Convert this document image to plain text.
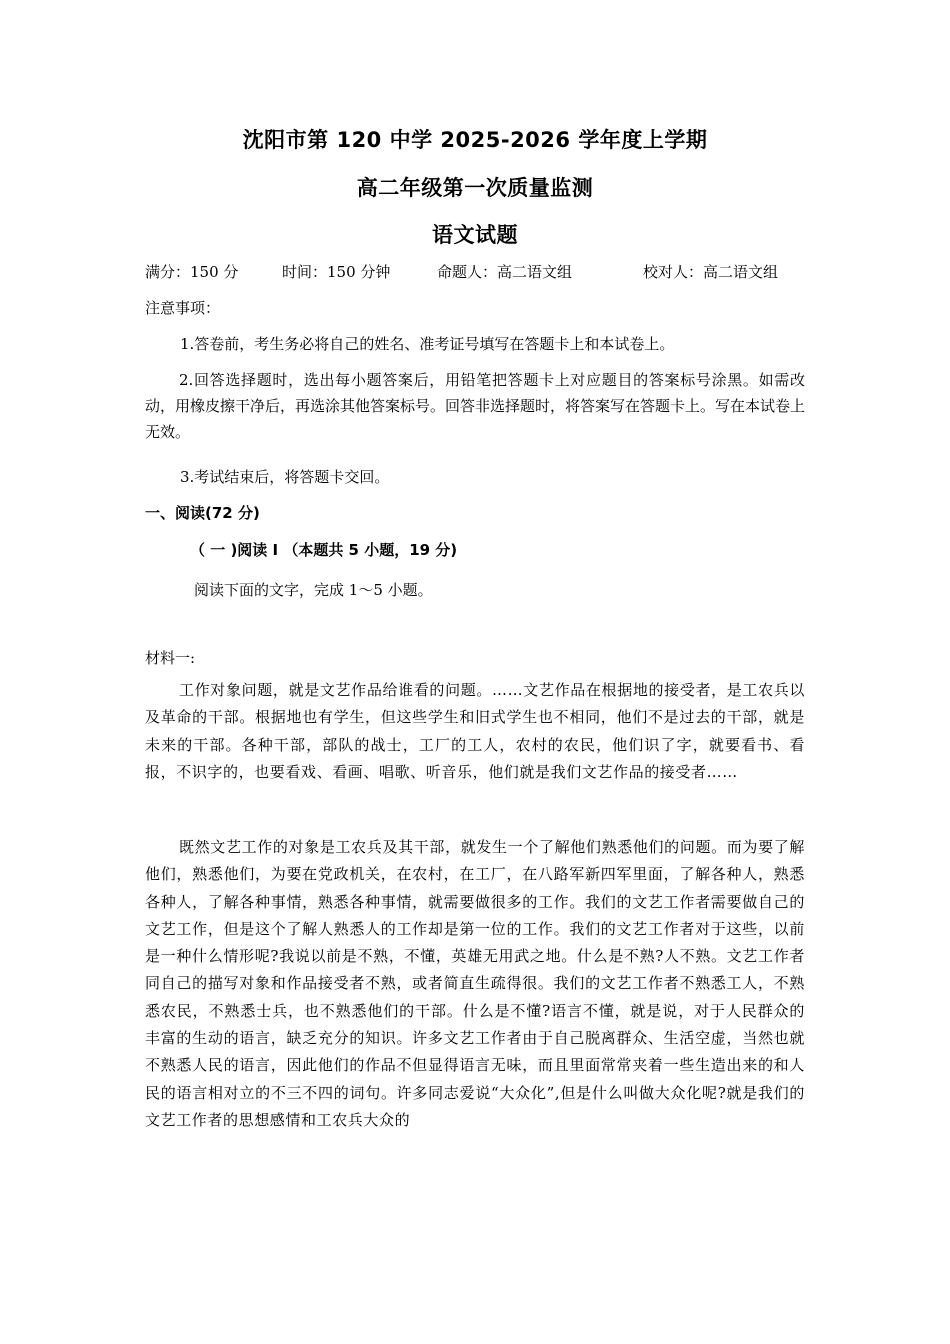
沈阳市第 120 中学 2025-2026 学年度上学期
高二年级第一次质量监测
语文试题
满分：150 分	时间：150 分钟	命题人：高二语文组	校对人：高二语文组
注意事项：
1.答卷前，考生务必将自己的姓名、准考证号填写在答题卡上和本试卷上。
2.回答选择题时，选出每小题答案后，用铅笔把答题卡上对应题目的答案标号涂黑。如需改动，用橡皮擦干净后，再选涂其他答案标号。回答非选择题时，将答案写在答题卡上。写在本试卷上无效。
3.考试结束后，将答题卡交回。
一、阅读(72 分)
（ 一 )阅读 I （本题共 5 小题，19 分)
阅读下面的文字，完成 1～5 小题。
材料一:
工作对象问题，就是文艺作品给谁看的问题。……文艺作品在根据地的接受者，是工农兵以及革命的干部。根据地也有学生，但这些学生和旧式学生也不相同，他们不是过去的干部，就是未来的干部。各种干部，部队的战士，工厂的工人，农村的农民，他们识了字，就要看书、看报，不识字的，也要看戏、看画、唱歌、听音乐，他们就是我们文艺作品的接受者……
既然文艺工作的对象是工农兵及其干部，就发生一个了解他们熟悉他们的问题。而为要了解他们，熟悉他们，为要在党政机关，在农村，在工厂，在八路军新四军里面，了解各种人，熟悉各种人，了解各种事情，熟悉各种事情，就需要做很多的工作。我们的文艺工作者需要做自己的文艺工作，但是这个了解人熟悉人的工作却是第一位的工作。我们的文艺工作者对于这些，以前是一种什么情形呢?我说以前是不熟，不懂，英雄无用武之地。什么是不熟?人不熟。文艺工作者同自己的描写对象和作品接受者不熟，或者简直生疏得很。我们的文艺工作者不熟悉工人，不熟悉农民，不熟悉士兵，也不熟悉他们的干部。什么是不懂?语言不懂，就是说，对于人民群众的丰富的生动的语言，缺乏充分的知识。许多文艺工作者由于自己脱离群众、生活空虚，当然也就不熟悉人民的语言，因此他们的作品不但显得语言无味，而且里面常常夹着一些生造出来的和人民的语言相对立的不三不四的词句。许多同志爱说“大众化”,但是什么叫做大众化呢?就是我们的文艺工作者的思想感情和工农兵大众的
